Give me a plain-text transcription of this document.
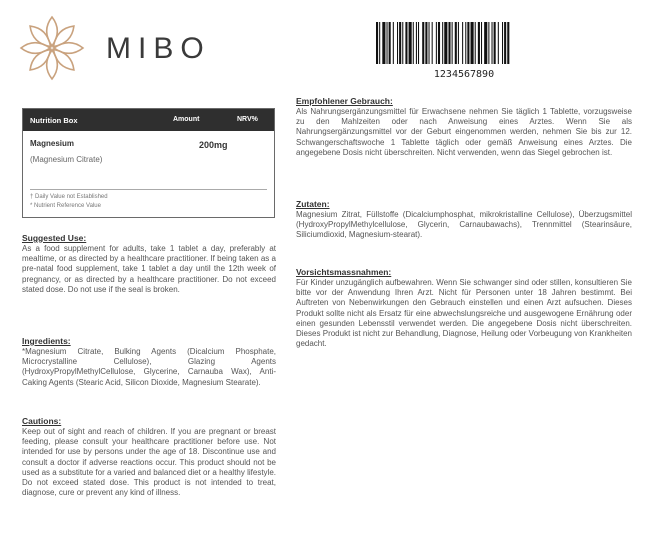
MIBO
1234567890
Nutrition Box	Amount	NRV%
Magnesium	200mg
(Magnesium Citrate)
† Daily Value not Established
* Nutrient Reference Value

Suggested Use:

As a food supplement for adults, take 1 tablet a day, preferably at mealtime, or as directed by a healthcare practitioner. If being taken as a pre-natal food supplement, take 1 tablet a day until the 12th week of pregnancy, or as directed by a healthcare practitioner. Do not exceed stated dose. Do not use if the seal is broken.

Ingredients:

*Magnesium Citrate, Bulking Agents (Dicalcium Phosphate, Microcrystalline Cellulose), Glazing Agents (HydroxyPropylMethylCellulose, Glycerine, Carnauba Wax), Anti-Caking Agents (Stearic Acid, Silicon Dioxide, Magnesium Stearate).

Cautions:

Keep out of sight and reach of children. If you are pregnant or breast feeding, please consult your healthcare practitioner before use. Not intended for use by persons under the age of 18. Discontinue use and consult a doctor if adverse reactions occur. This product should not be used as a substitute for a varied and balanced diet or a healthy lifestyle. Do not exceed stated dose. This product is not intended to treat, diagnose, cure or prevent any kind of illness.

Empfohlener Gebrauch:

Als Nahrungsergänzungsmittel für Erwachsene nehmen Sie täglich 1 Tablette, vorzugsweise zu den Mahlzeiten oder nach Anweisung eines Arztes. Wenn Sie als Nahrungsergänzungsmittel vor der Geburt eingenommen werden, nehmen Sie bis zur 12. Schwangerschaftswoche 1 Tablette täglich oder gemäß Anweisung eines Arztes. Die angegebene Dosis nicht überschreiten. Nicht verwenden, wenn das Siegel gebrochen ist.

Zutaten:

Magnesium Zitrat, Füllstoffe (Dicalciumphosphat, mikrokristalline Cellulose), Überzugsmittel (HydroxyPropylMethylcellulose, Glycerin, Carnaubawachs), Trennmittel (Stearinsäure, Siliciumdioxid, Magnesium-stearat).

Vorsichtsmassnahmen:

Für Kinder unzugänglich aufbewahren. Wenn Sie schwanger sind oder stillen, konsultieren Sie bitte vor der Anwendung Ihren Arzt. Nicht für Personen unter 18 Jahren bestimmt. Bei Auftreten von Nebenwirkungen den Gebrauch einstellen und einen Arzt aufsuchen. Dieses Produkt sollte nicht als Ersatz für eine abwechslungsreiche und ausgewogene Ernährung oder einen gesunden Lebensstil verwendet werden. Die angegebene Dosis nicht überschreiten. Dieses Produkt ist nicht zur Behandlung, Diagnose, Heilung oder Vorbeugung von Krankheiten gedacht.
